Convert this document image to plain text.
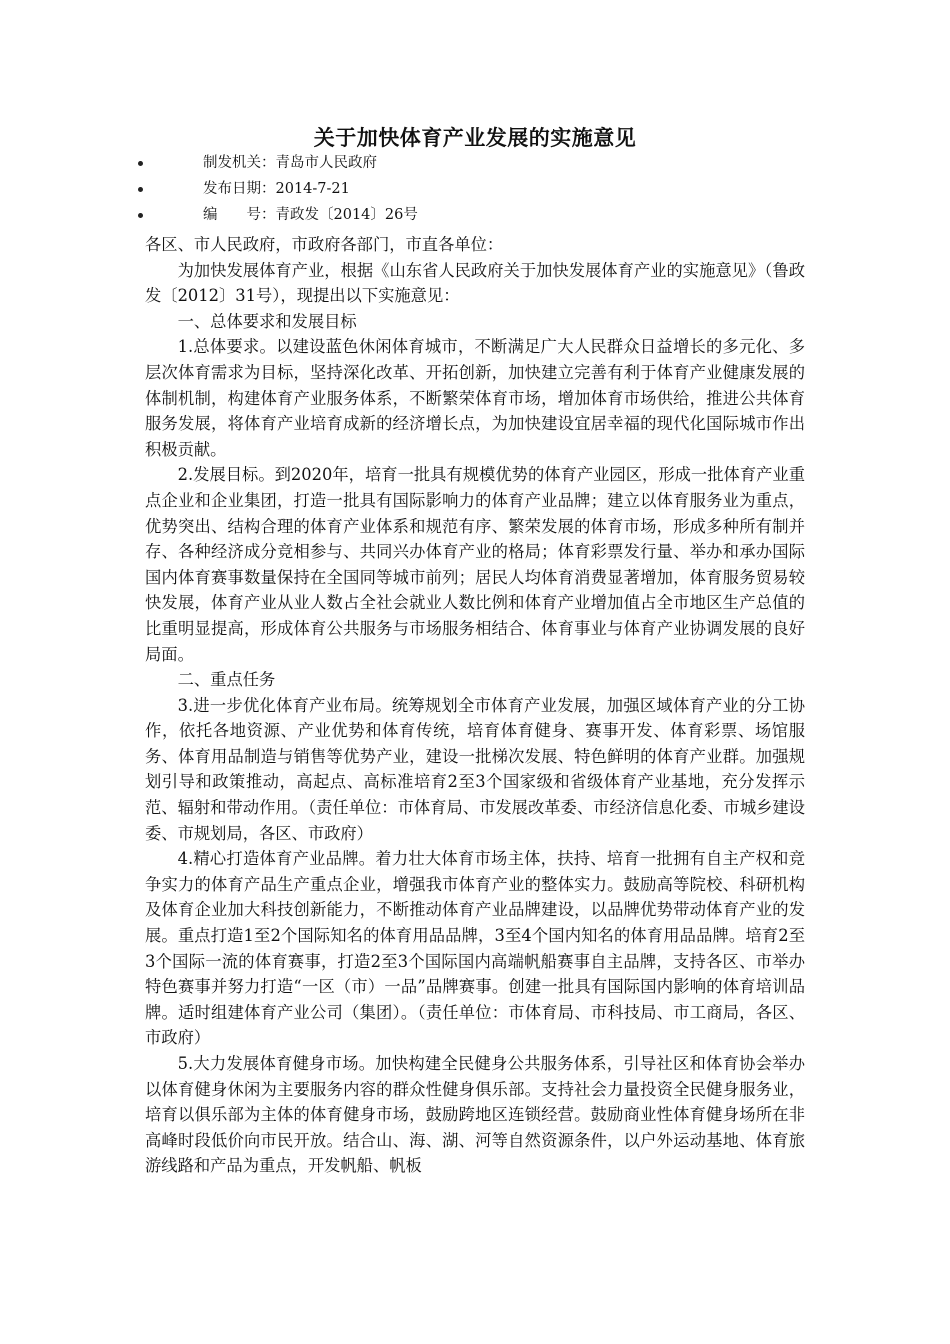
关于加快体育产业发展的实施意见
制发机关：青岛市人民政府
发布日期：2014-7-21
编　　号：青政发〔2014〕26号

各区、市人民政府，市政府各部门，市直各单位：

为加快发展体育产业，根据《山东省人民政府关于加快发展体育产业的实施意见》（鲁政发〔2012〕31号），现提出以下实施意见：

一、总体要求和发展目标

1.总体要求。以建设蓝色休闲体育城市，不断满足广大人民群众日益增长的多元化、多层次体育需求为目标，坚持深化改革、开拓创新，加快建立完善有利于体育产业健康发展的体制机制，构建体育产业服务体系，不断繁荣体育市场，增加体育市场供给，推进公共体育服务发展，将体育产业培育成新的经济增长点，为加快建设宜居幸福的现代化国际城市作出积极贡献。

2.发展目标。到2020年，培育一批具有规模优势的体育产业园区，形成一批体育产业重点企业和企业集团，打造一批具有国际影响力的体育产业品牌；建立以体育服务业为重点，优势突出、结构合理的体育产业体系和规范有序、繁荣发展的体育市场，形成多种所有制并存、各种经济成分竞相参与、共同兴办体育产业的格局；体育彩票发行量、举办和承办国际国内体育赛事数量保持在全国同等城市前列；居民人均体育消费显著增加，体育服务贸易较快发展，体育产业从业人数占全社会就业人数比例和体育产业增加值占全市地区生产总值的比重明显提高，形成体育公共服务与市场服务相结合、体育事业与体育产业协调发展的良好局面。

二、重点任务

3.进一步优化体育产业布局。统筹规划全市体育产业发展，加强区域体育产业的分工协作，依托各地资源、产业优势和体育传统，培育体育健身、赛事开发、体育彩票、场馆服务、体育用品制造与销售等优势产业，建设一批梯次发展、特色鲜明的体育产业群。加强规划引导和政策推动，高起点、高标准培育2至3个国家级和省级体育产业基地，充分发挥示范、辐射和带动作用。（责任单位：市体育局、市发展改革委、市经济信息化委、市城乡建设委、市规划局，各区、市政府）

4.精心打造体育产业品牌。着力壮大体育市场主体，扶持、培育一批拥有自主产权和竞争实力的体育产品生产重点企业，增强我市体育产业的整体实力。鼓励高等院校、科研机构及体育企业加大科技创新能力，不断推动体育产业品牌建设，以品牌优势带动体育产业的发展。重点打造1至2个国际知名的体育用品品牌，3至4个国内知名的体育用品品牌。培育2至3个国际一流的体育赛事，打造2至3个国际国内高端帆船赛事自主品牌，支持各区、市举办特色赛事并努力打造“一区（市）一品”品牌赛事。创建一批具有国际国内影响的体育培训品牌。适时组建体育产业公司（集团）。（责任单位：市体育局、市科技局、市工商局，各区、市政府）

5.大力发展体育健身市场。加快构建全民健身公共服务体系，引导社区和体育协会举办以体育健身休闲为主要服务内容的群众性健身俱乐部。支持社会力量投资全民健身服务业，培育以俱乐部为主体的体育健身市场，鼓励跨地区连锁经营。鼓励商业性体育健身场所在非高峰时段低价向市民开放。结合山、海、湖、河等自然资源条件，以户外运动基地、体育旅游线路和产品为重点，开发帆船、帆板
